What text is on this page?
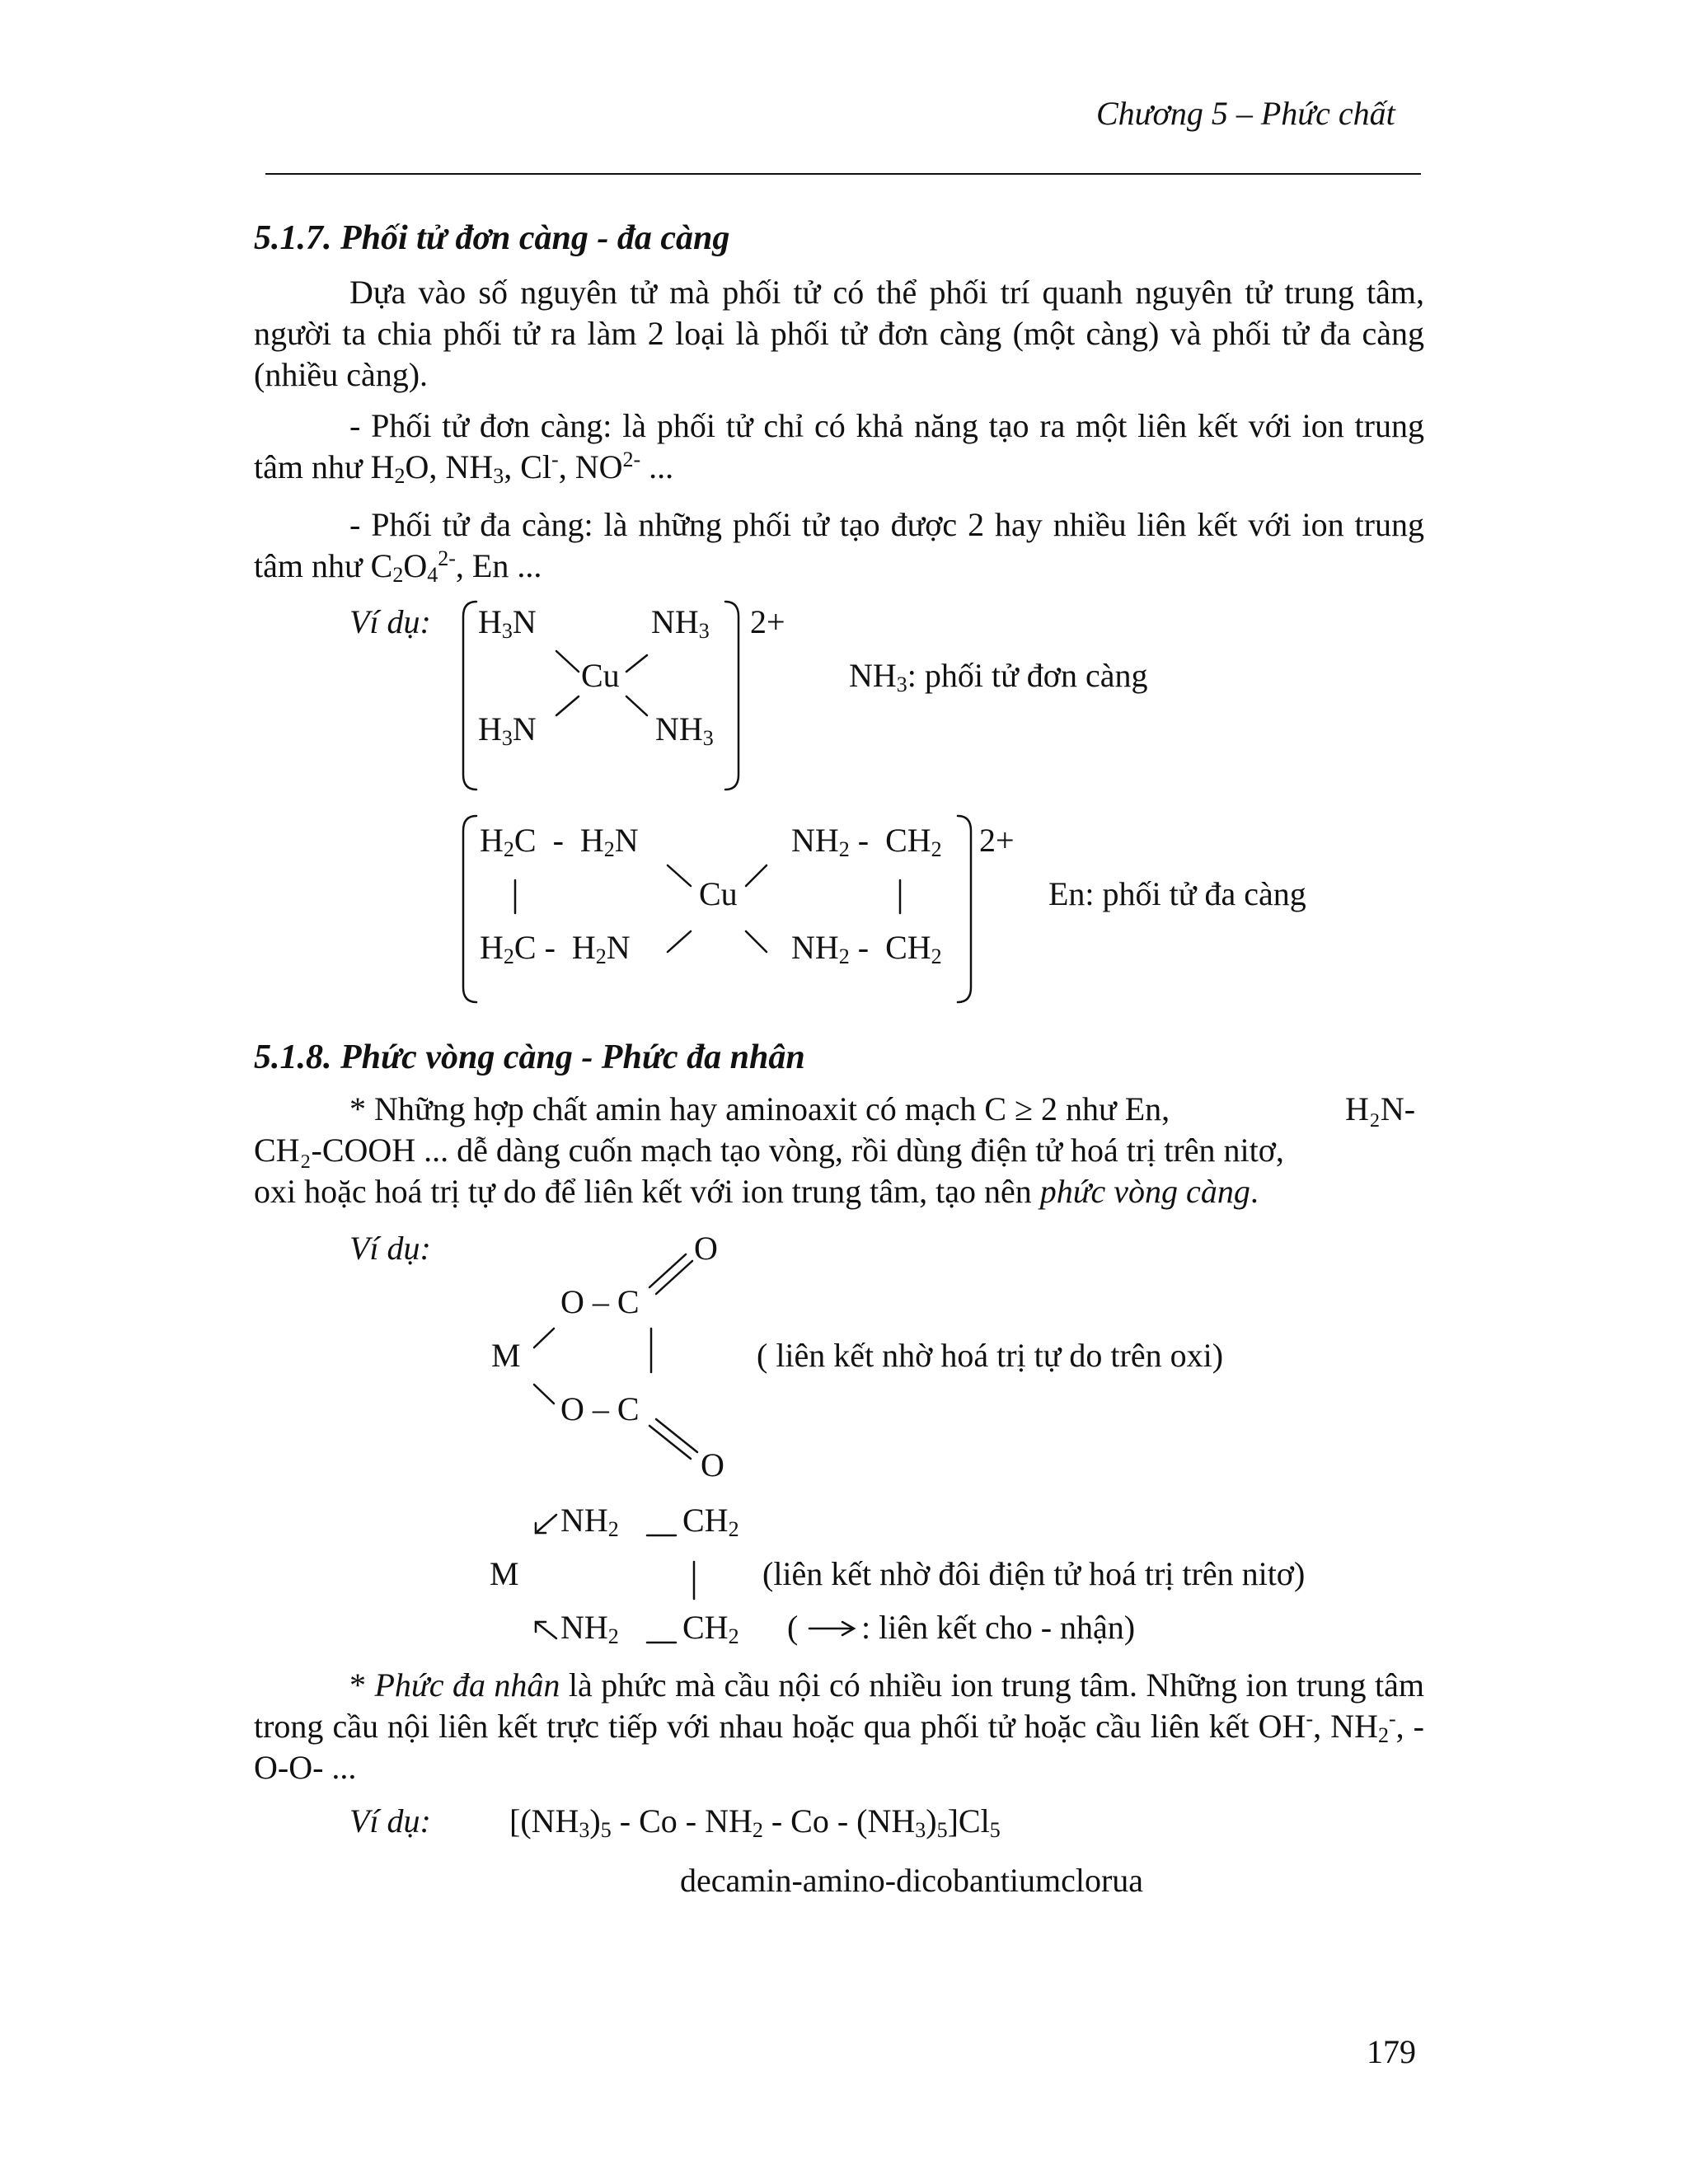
Chương 5 – Phức chất
5.1.7. Phối tử đơn càng - đa càng
Dựa vào số nguyên tử mà phối tử có thể phối trí quanh nguyên tử trung tâm, người ta chia phối tử ra làm 2 loại là phối tử đơn càng (một càng) và phối tử đa càng (nhiều càng).
- Phối tử đơn càng: là phối tử chỉ có khả năng tạo ra một liên kết với ion trung tâm như $H_2O$, $NH_3$, Cl-, $NO^{2-}$ ...
- Phối tử đa càng: là những phối tử tạo được 2 hay nhiều liên kết với ion trung tâm như $C_2O_4^{2-}$, En ...
Ví dụ: $H_3N$	$NH_3$ 2+
Cu
$H_3N$	$NH_3$
$NH_3$: phối tử đơn càng
$H_2C - H_2N$	$NH_2 - CH_2$ 2+
Cu
$H_2C - H_2N$	$NH_2 - CH_2$
En: phối tử đa càng
5.1.8. Phức vòng càng - Phức đa nhân
* Những hợp chất amin hay aminoaxit có mạch C ≥ 2 như En,	H₂N-
CH₂-COOH ... dễ dàng cuốn mạch tạo vòng, rồi dùng điện tử hoá trị trên nitơ,
oxi hoặc hoá trị tự do để liên kết với ion trung tâm, tạo nên phức vòng càng.
Ví dụ:	O
O – C
M
O – C
O
( liên kết nhờ hoá trị tự do trên oxi)
$NH_2$ $CH_2$
M	(liên kết nhờ đôi điện tử hoá trị trên nitơ)
$NH_2$ $CH_2$ ( : liên kết cho - nhận)
* Phức đa nhân là phức mà cầu nội có nhiều ion trung tâm. Những ion trung tâm trong cầu nội liên kết trực tiếp với nhau hoặc qua phối tử hoặc cầu liên kết OH-, $NH_2^-$, -O-O- ...
Ví dụ: [$(NH_3)_5$ - Co - $NH_2$ - Co - $(NH_3)_5]Cl_5$
decamin-amino-dicobantiumclorua
179
